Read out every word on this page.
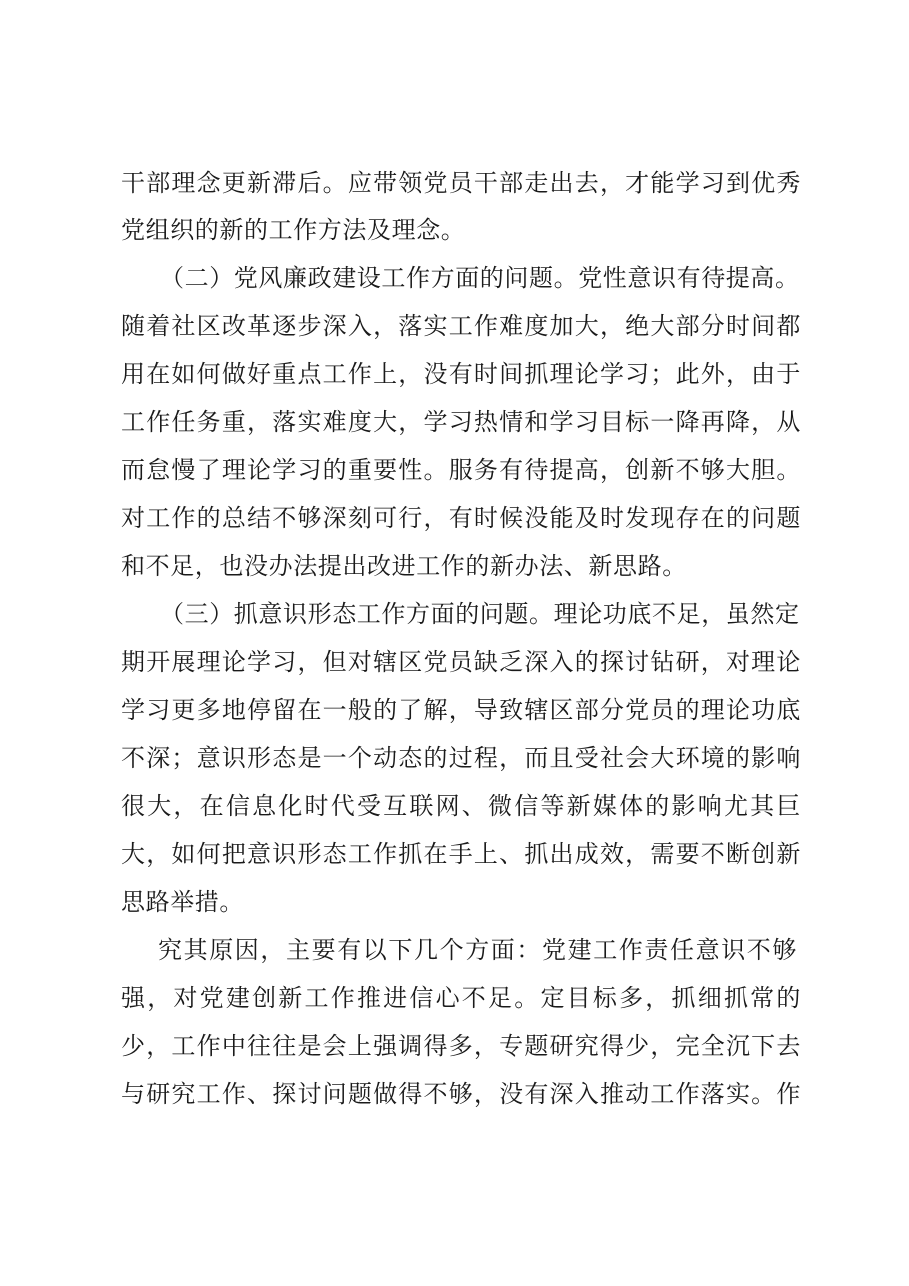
干部理念更新滞后。应带领党员干部走出去，才能学习到优秀
党组织的新的工作方法及理念。
（二）党风廉政建设工作方面的问题。党性意识有待提高。
随着社区改革逐步深入，落实工作难度加大，绝大部分时间都
用在如何做好重点工作上，没有时间抓理论学习；此外，由于
工作任务重，落实难度大，学习热情和学习目标一降再降，从
而怠慢了理论学习的重要性。服务有待提高，创新不够大胆。
对工作的总结不够深刻可行，有时候没能及时发现存在的问题
和不足，也没办法提出改进工作的新办法、新思路。
（三）抓意识形态工作方面的问题。理论功底不足，虽然定
期开展理论学习，但对辖区党员缺乏深入的探讨钻研，对理论
学习更多地停留在一般的了解，导致辖区部分党员的理论功底
不深；意识形态是一个动态的过程，而且受社会大环境的影响
很大，在信息化时代受互联网、微信等新媒体的影响尤其巨
大，如何把意识形态工作抓在手上、抓出成效，需要不断创新
思路举措。
究其原因，主要有以下几个方面：党建工作责任意识不够
强，对党建创新工作推进信心不足。定目标多，抓细抓常的
少，工作中往往是会上强调得多，专题研究得少，完全沉下去
与研究工作、探讨问题做得不够，没有深入推动工作落实。作
